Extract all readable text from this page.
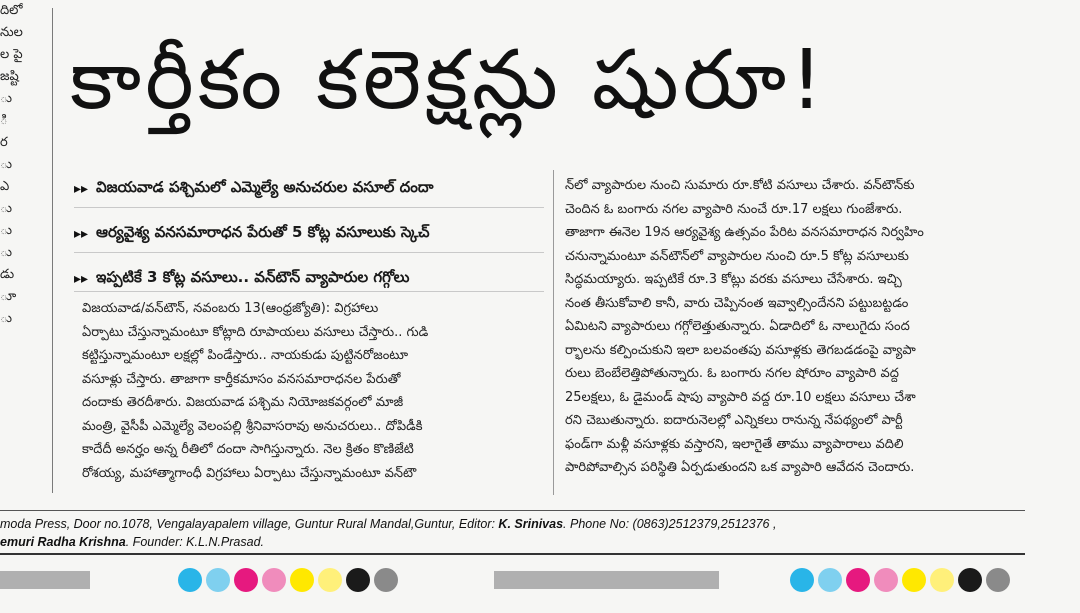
దిలో
నుల
ల పై
జష్టి
ు
ి
ర
ు
ఎ
ు
ు
ు
డు
ూ
ు
కార్తీకం కలెక్షన్లు షురూ!
▸▸ విజయవాడ పశ్చిమలో ఎమ్మెల్యే అనుచరుల వసూల్ దందా
▸▸ ఆర్యవైశ్య వనసమారాధన పేరుతో 5 కోట్ల వసూలుకు స్కెచ్
▸▸ ఇప్పటికే 3 కోట్ల వసూలు.. వన్‌టౌన్ వ్యాపారుల గగ్గోలు
విజయవాడ/వన్‌టౌన్, నవంబరు 13(ఆంధ్రజ్యోతి): విగ్రహాలు
ఏర్పాటు చేస్తున్నామంటూ కోట్లాది రూపాయలు వసూలు చేస్తారు.. గుడి
కట్టిస్తున్నామంటూ లక్షల్లో పిండేస్తారు.. నాయకుడు పుట్టినరోజంటూ
వసూళ్లు చేస్తారు. తాజాగా కార్తీకమాసం వనసమారాధనల పేరుతో
దందాకు తెరదీశారు. విజయవాడ పశ్చిమ నియోజకవర్గంలో మాజీ
మంత్రి, వైసీపీ ఎమ్మెల్యే వెలంపల్లి శ్రీనివాసరావు అనుచరులు.. దోపిడీకి
కాదేదీ అనర్హం అన్న రీతిలో దందా సాగిస్తున్నారు. నెల క్రితం కొణిజేటి
రోశయ్య, మహాత్మాగాంధీ విగ్రహాలు ఏర్పాటు చేస్తున్నామంటూ వన్‌టౌ
న్‌లో వ్యాపారుల నుంచి సుమారు రూ.కోటి వసూలు చేశారు. వన్‌టౌన్‌కు
చెందిన ఓ బంగారు నగల వ్యాపారి నుంచే రూ.17 లక్షలు గుంజేశారు.
తాజాగా ఈనెల 19న ఆర్యవైశ్య ఉత్సవం పేరిట వనసమారాధన నిర్వహిం
చనున్నామంటూ వన్‌టౌన్‌లో వ్యాపారుల నుంచి రూ.5 కోట్ల వసూలుకు
సిద్ధమయ్యారు. ఇప్పటికే రూ.3 కోట్లు వరకు వసూలు చేసేశారు. ఇచ్చి
నంత తీసుకోవాలి కానీ, వారు చెప్పినంత ఇవ్వాల్సిందేనని పట్టుబట్టడం
ఏమిటని వ్యాపారులు గగ్గోలెత్తుతున్నారు. ఏడాదిలో ఓ నాలుగైదు సంద
ర్భాలను కల్పించుకుని ఇలా బలవంతపు వసూళ్లకు తెగబడడంపై వ్యాపా
రులు బెంబేలెత్తిపోతున్నారు. ఓ బంగారు నగల షోరూం వ్యాపారి వద్ద
25లక్షలు, ఓ డైమండ్ షాపు వ్యాపారి వద్ద రూ.10 లక్షలు వసూలు చేశా
రని చెబుతున్నారు. ఐదారునెలల్లో ఎన్నికలు రానున్న నేపథ్యంలో పార్టీ
ఫండ్‌గా మళ్లీ వసూళ్లకు వస్తారని, ఇలాగైతే తాము వ్యాపారాలు వదిలి
పారిపోవాల్సిన పరిస్థితి ఏర్పడుతుందని ఒక వ్యాపారి ఆవేదన చెందారు.
moda Press, Door no.1078, Vengalayapalem village, Guntur Rural Mandal,Guntur, Editor: K. Srinivas. Phone No: (0863)2512379,2512376 ,
emuri Radha Krishna. Founder: K.L.N.Prasad.
